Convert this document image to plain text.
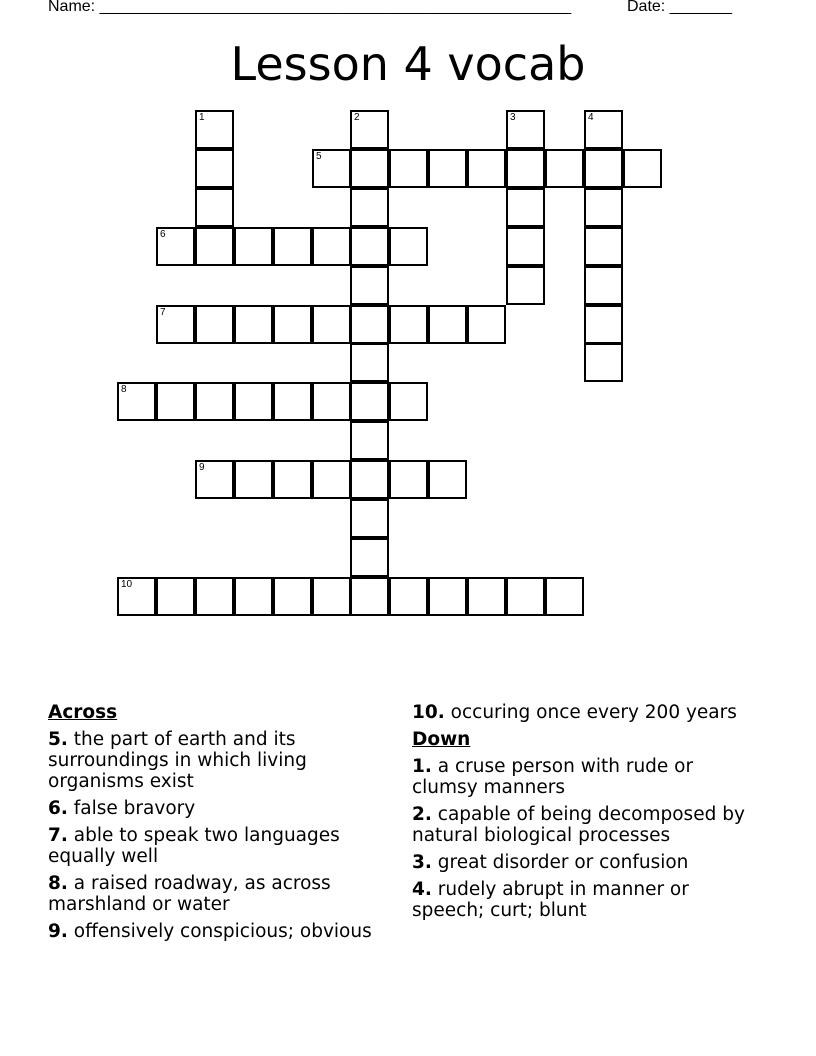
Name: _____________________________________________________

	Date: _______

Lesson 4 vocab
1	2	3	4
5
6
7
8
9
10
Across
5. the part of earth and its surroundings in which living organisms exist
6. false bravory
7. able to speak two languages equally well
8. a raised roadway, as across marshland or water
9. offensively conspicious; obvious
10. occuring once every 200 years
Down
1. a cruse person with rude or clumsy manners
2. capable of being decomposed by natural biological processes
3. great disorder or confusion
4. rudely abrupt in manner or speech; curt; blunt
